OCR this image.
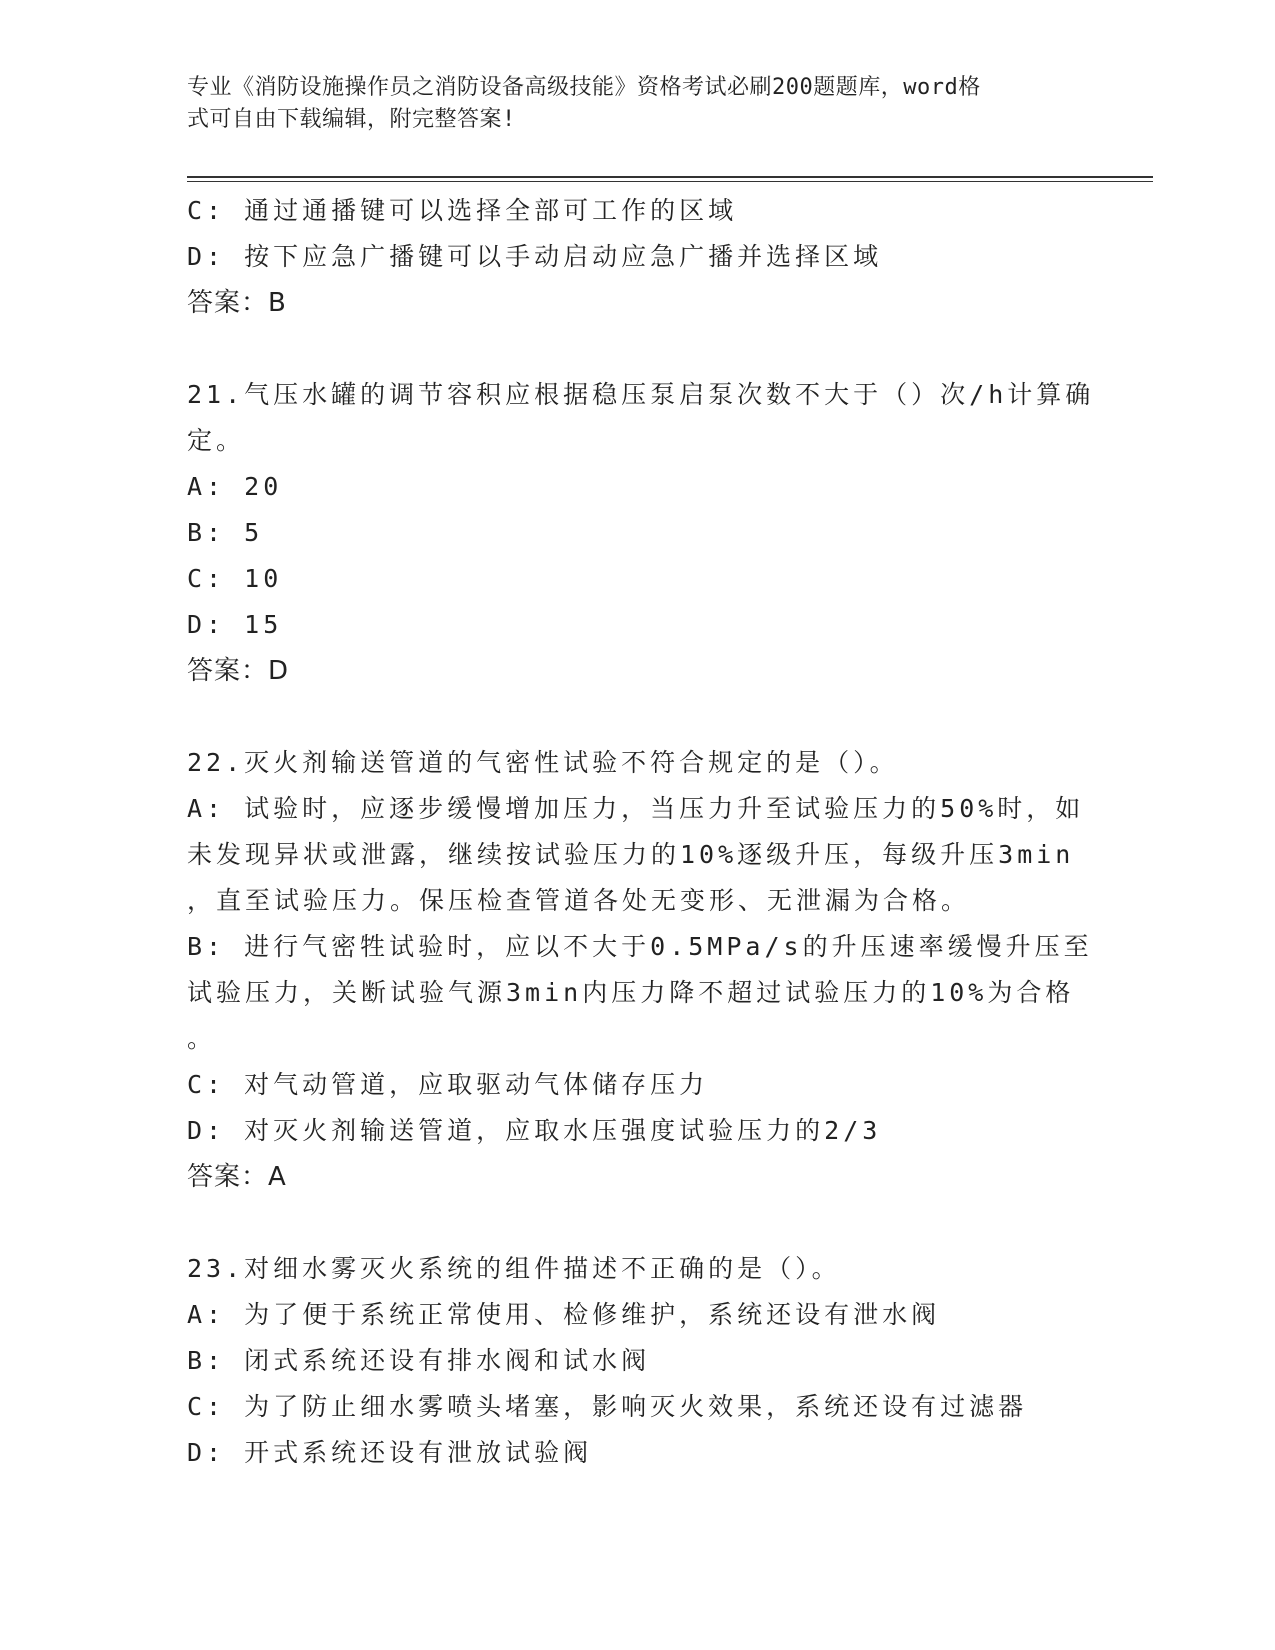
专业《消防设施操作员之消防设备高级技能》资格考试必刷200题题库，word格
式可自由下载编辑，附完整答案!
C: 通过通播键可以选择全部可工作的区域
D: 按下应急广播键可以手动启动应急广播并选择区域
答案：B
21.气压水罐的调节容积应根据稳压泵启泵次数不大于（）次/h计算确
定。
A: 20
B: 5
C: 10
D: 15
答案：D
22.灭火剂输送管道的气密性试验不符合规定的是（）。
A: 试验时，应逐步缓慢增加压力，当压力升至试验压力的50%时，如
未发现异状或泄露，继续按试验压力的10%逐级升压，每级升压3min
，直至试验压力。保压检查管道各处无变形、无泄漏为合格。
B: 进行气密牲试验时，应以不大于0.5MPa/s的升压速率缓慢升压至
试验压力，关断试验气源3min内压力降不超过试验压力的10%为合格
。
C: 对气动管道，应取驱动气体储存压力
D: 对灭火剂输送管道，应取水压强度试验压力的2/3
答案：A
23.对细水雾灭火系统的组件描述不正确的是（）。
A: 为了便于系统正常使用、检修维护，系统还设有泄水阀
B: 闭式系统还设有排水阀和试水阀
C: 为了防止细水雾喷头堵塞，影响灭火效果，系统还设有过滤器
D: 开式系统还设有泄放试验阀
